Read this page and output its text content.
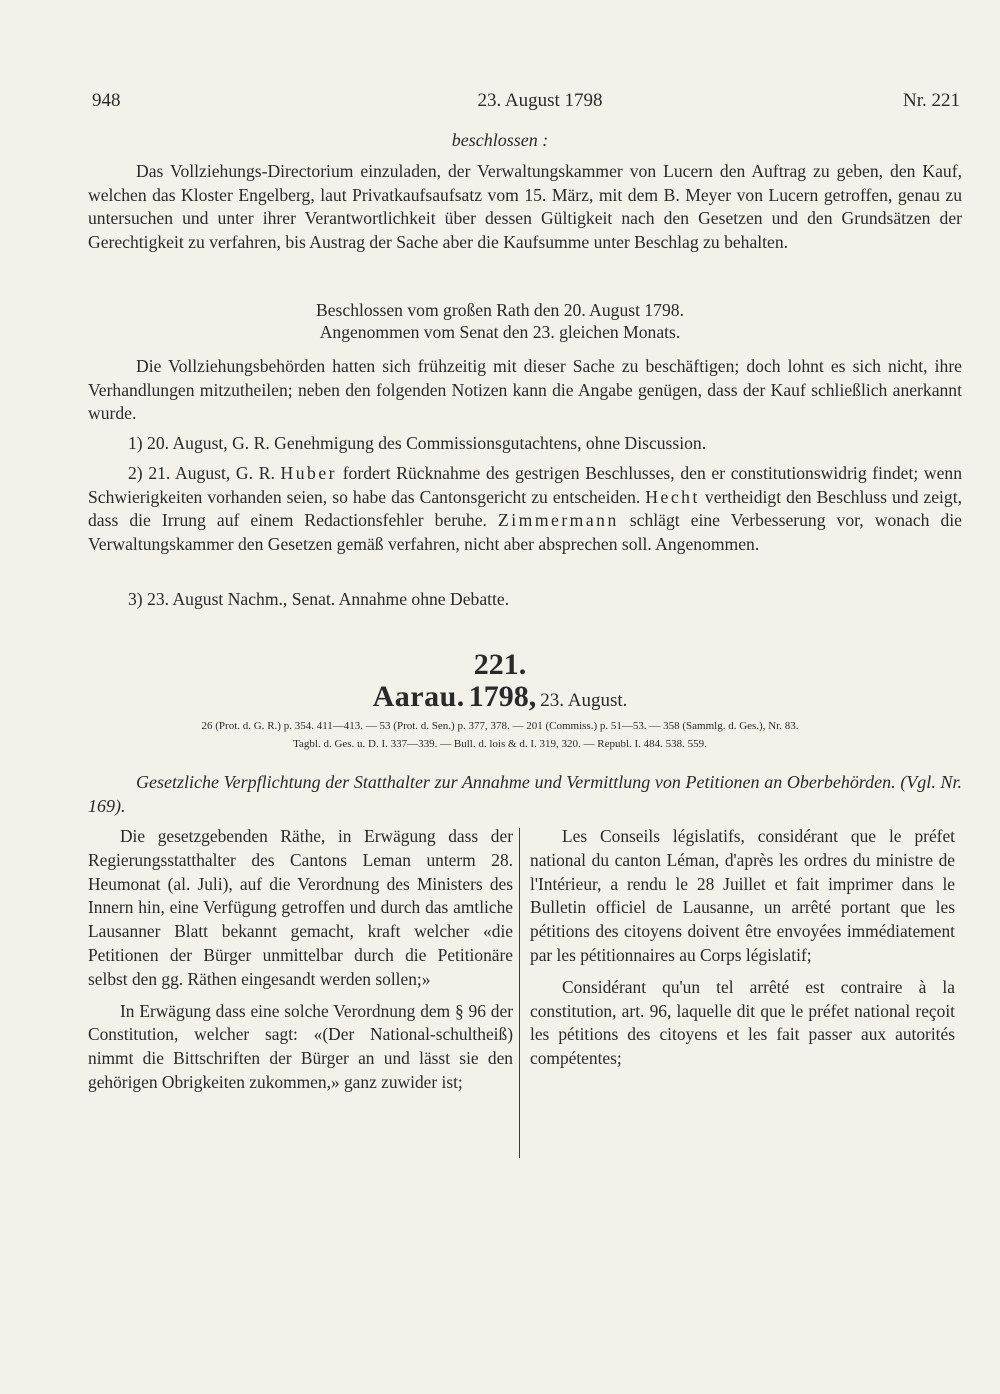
948	23. August 1798	Nr. 221
beschlossen :

Das Vollziehungs-Directorium einzuladen, der Verwaltungskammer von Lucern den Auftrag zu geben, den Kauf, welchen das Kloster Engelberg, laut Privatkaufsaufsatz vom 15. März, mit dem B. Meyer von Lucern getroffen, genau zu untersuchen und unter ihrer Verantwortlichkeit über dessen Gültigkeit nach den Gesetzen und den Grundsätzen der Gerechtigkeit zu verfahren, bis Austrag der Sache aber die Kaufsumme unter Beschlag zu behalten.

Beschlossen vom großen Rath den 20. August 1798.
Angenommen vom Senat den 23. gleichen Monats.

Die Vollziehungsbehörden hatten sich frühzeitig mit dieser Sache zu beschäftigen; doch lohnt es sich nicht, ihre Verhandlungen mitzutheilen; neben den folgenden Notizen kann die Angabe genügen, dass der Kauf schließlich anerkannt wurde.

1) 20. August, G. R. Genehmigung des Commissionsgutachtens, ohne Discussion.

2) 21. August, G. R. Huber fordert Rücknahme des gestrigen Beschlusses, den er constitutionswidrig findet; wenn Schwierigkeiten vorhanden seien, so habe das Cantonsgericht zu entscheiden. Hecht vertheidigt den Beschluss und zeigt, dass die Irrung auf einem Redactionsfehler beruhe. Zimmermann schlägt eine Verbesserung vor, wonach die Verwaltungskammer den Gesetzen gemäß verfahren, nicht aber absprechen soll. Angenommen.

3) 23. August Nachm., Senat. Annahme ohne Debatte.

221.
Aarau. 1798, 23. August.
26 (Prot. d. G. R.) p. 354. 411—413. — 53 (Prot. d. Sen.) p. 377, 378. — 201 (Commiss.) p. 51—53. — 358 (Sammlg. d. Ges.), Nr. 83.
Tagbl. d. Ges. u. D. I. 337—339. — Bull. d. lois & d. I. 319, 320. — Republ. I. 484. 538. 559.

Gesetzliche Verpflichtung der Statthalter zur Annahme und Vermittlung von Petitionen an Oberbehörden. (Vgl. Nr. 169).

Die gesetzgebenden Räthe, in Erwägung dass der Regierungsstatthalter des Cantons Leman unterm 28. Heumonat (al. Juli), auf die Verordnung des Ministers des Innern hin, eine Verfügung getroffen und durch das amtliche Lausanner Blatt bekannt gemacht, kraft welcher «die Petitionen der Bürger unmittelbar durch die Petitionäre selbst den gg. Räthen eingesandt werden sollen;»

In Erwägung dass eine solche Verordnung dem § 96 der Constitution, welcher sagt: «(Der National-schultheiß) nimmt die Bittschriften der Bürger an und lässt sie den gehörigen Obrigkeiten zukommen,» ganz zuwider ist;

Les Conseils législatifs, considérant que le préfet national du canton Léman, d'après les ordres du ministre de l'Intérieur, a rendu le 28 Juillet et fait imprimer dans le Bulletin officiel de Lausanne, un arrêté portant que les pétitions des citoyens doivent être envoyées immédiatement par les pétitionnaires au Corps législatif;

Considérant qu'un tel arrêté est contraire à la constitution, art. 96, laquelle dit que le préfet national reçoit les pétitions des citoyens et les fait passer aux autorités compétentes;
